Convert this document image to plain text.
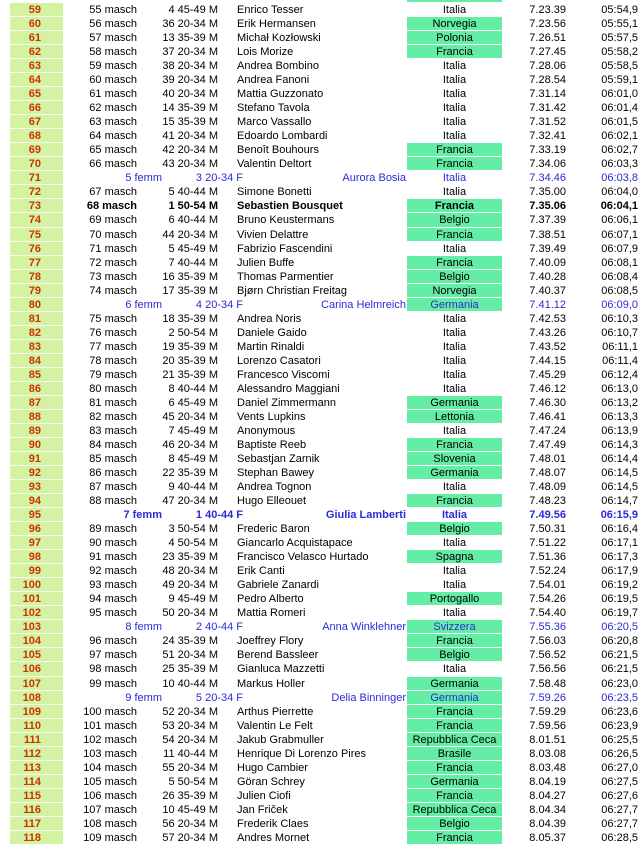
59	55 masch	4 45-49 M	Enrico Tesser	Italia	7.23.39	05:54,9
60	56 masch	36 20-34 M	Erik Hermansen	Norvegia	7.23.56	05:55,1
61	57 masch	13 35-39 M	Michał Kozłowski	Polonia	7.26.51	05:57,5
62	58 masch	37 20-34 M	Lois Morize	Francia	7.27.45	05:58,2
63	59 masch	38 20-34 M	Andrea Bombino	Italia	7.28.06	05:58,5
64	60 masch	39 20-34 M	Andrea Fanoni	Italia	7.28.54	05:59,1
65	61 masch	40 20-34 M	Mattia Guzzonato	Italia	7.31.14	06:01,0
66	62 masch	14 35-39 M	Stefano Tavola	Italia	7.31.42	06:01,4
67	63 masch	15 35-39 M	Marco Vassallo	Italia	7.31.52	06:01,5
68	64 masch	41 20-34 M	Edoardo Lombardi	Italia	7.32.41	06:02,1
69	65 masch	42 20-34 M	Benoît Bouhours	Francia	7.33.19	06:02,7
70	66 masch	43 20-34 M	Valentin Deltort	Francia	7.34.06	06:03,3
71	5 femm	3 20-34 F	Aurora Bosia	Italia	7.34.46	06:03,8
72	67 masch	5 40-44 M	Simone Bonetti	Italia	7.35.00	06:04,0
73	68 masch	1 50-54 M	Sebastien Bousquet	Francia	7.35.06	06:04,1
74	69 masch	6 40-44 M	Bruno Keustermans	Belgio	7.37.39	06:06,1
75	70 masch	44 20-34 M	Vivien Delattre	Francia	7.38.51	06:07,1
76	71 masch	5 45-49 M	Fabrizio Fascendini	Italia	7.39.49	06:07,9
77	72 masch	7 40-44 M	Julien Buffe	Francia	7.40.09	06:08,1
78	73 masch	16 35-39 M	Thomas Parmentier	Belgio	7.40.28	06:08,4
79	74 masch	17 35-39 M	Bjørn Christian Freitag	Norvegia	7.40.37	06:08,5
80	6 femm	4 20-34 F	Carina Helmreich	Germania	7.41.12	06:09,0
81	75 masch	18 35-39 M	Andrea Noris	Italia	7.42.53	06:10,3
82	76 masch	2 50-54 M	Daniele Gaido	Italia	7.43.26	06:10,7
83	77 masch	19 35-39 M	Martin Rinaldi	Italia	7.43.52	06:11,1
84	78 masch	20 35-39 M	Lorenzo Casatori	Italia	7.44.15	06:11,4
85	79 masch	21 35-39 M	Francesco Viscomi	Italia	7.45.29	06:12,4
86	80 masch	8 40-44 M	Alessandro Maggiani	Italia	7.46.12	06:13,0
87	81 masch	6 45-49 M	Daniel Zimmermann	Germania	7.46.30	06:13,2
88	82 masch	45 20-34 M	Vents Lupkins	Lettonia	7.46.41	06:13,3
89	83 masch	7 45-49 M	Anonymous	Italia	7.47.24	06:13,9
90	84 masch	46 20-34 M	Baptiste Reeb	Francia	7.47.49	06:14,3
91	85 masch	8 45-49 M	Sebastjan Zarnik	Slovenia	7.48.01	06:14,4
92	86 masch	22 35-39 M	Stephan Bawey	Germania	7.48.07	06:14,5
93	87 masch	9 40-44 M	Andrea Tognon	Italia	7.48.09	06:14,5
94	88 masch	47 20-34 M	Hugo Elleouet	Francia	7.48.23	06:14,7
95	7 femm	1 40-44 F	Giulia Lamberti	Italia	7.49.56	06:15,9
96	89 masch	3 50-54 M	Frederic Baron	Belgio	7.50.31	06:16,4
97	90 masch	4 50-54 M	Giancarlo Acquistapace	Italia	7.51.22	06:17,1
98	91 masch	23 35-39 M	Francisco Velasco Hurtado	Spagna	7.51.36	06:17,3
99	92 masch	48 20-34 M	Erik Canti	Italia	7.52.24	06:17,9
100	93 masch	49 20-34 M	Gabriele Zanardi	Italia	7.54.01	06:19,2
101	94 masch	9 45-49 M	Pedro Alberto	Portogallo	7.54.26	06:19,5
102	95 masch	50 20-34 M	Mattia Romeri	Italia	7.54.40	06:19,7
103	8 femm	2 40-44 F	Anna Winklehner	Svizzera	7.55.36	06:20,5
104	96 masch	24 35-39 M	Joeffrey Flory	Francia	7.56.03	06:20,8
105	97 masch	51 20-34 M	Berend Bassleer	Belgio	7.56.52	06:21,5
106	98 masch	25 35-39 M	Gianluca Mazzetti	Italia	7.56.56	06:21,5
107	99 masch	10 40-44 M	Markus Holler	Germania	7.58.48	06:23,0
108	9 femm	5 20-34 F	Delia Binninger	Germania	7.59.26	06:23,5
109	100 masch	52 20-34 M	Arthus Pierrette	Francia	7.59.29	06:23,6
110	101 masch	53 20-34 M	Valentin Le Felt	Francia	7.59.56	06:23,9
111	102 masch	54 20-34 M	Jakub Grabmuller	Repubblica Ceca	8.01.51	06:25,5
112	103 masch	11 40-44 M	Henrique Di Lorenzo Pires	Brasile	8.03.08	06:26,5
113	104 masch	55 20-34 M	Hugo Cambier	Francia	8.03.48	06:27,0
114	105 masch	5 50-54 M	Göran Schrey	Germania	8.04.19	06:27,5
115	106 masch	26 35-39 M	Julien Ciofi	Francia	8.04.27	06:27,6
116	107 masch	10 45-49 M	Jan Friček	Repubblica Ceca	8.04.34	06:27,7
117	108 masch	56 20-34 M	Frederik Claes	Belgio	8.04.39	06:27,7
118	109 masch	57 20-34 M	Andres Mornet	Francia	8.05.37	06:28,5
